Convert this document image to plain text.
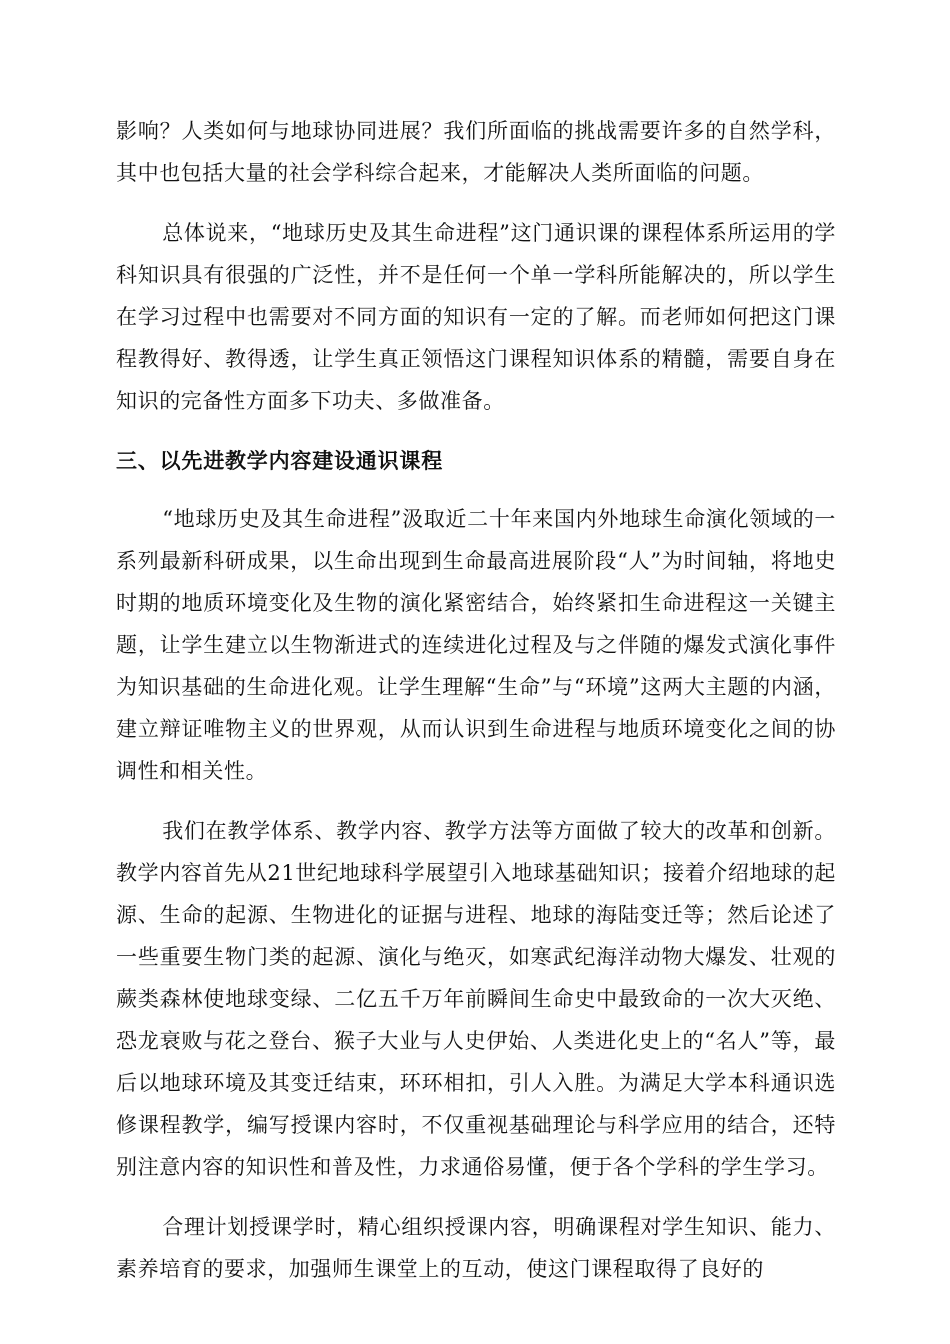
影响？人类如何与地球协同进展？我们所面临的挑战需要许多的自然学科，其中也包括大量的社会学科综合起来，才能解决人类所面临的问题。

总体说来，“地球历史及其生命进程”这门通识课的课程体系所运用的学科知识具有很强的广泛性，并不是任何一个单一学科所能解决的，所以学生在学习过程中也需要对不同方面的知识有一定的了解。而老师如何把这门课程教得好、教得透，让学生真正领悟这门课程知识体系的精髓，需要自身在知识的完备性方面多下功夫、多做准备。

三、以先进教学内容建设通识课程

“地球历史及其生命进程”汲取近二十年来国内外地球生命演化领域的一系列最新科研成果，以生命出现到生命最高进展阶段“人”为时间轴，将地史时期的地质环境变化及生物的演化紧密结合，始终紧扣生命进程这一关键主题，让学生建立以生物渐进式的连续进化过程及与之伴随的爆发式演化事件为知识基础的生命进化观。让学生理解“生命”与“环境”这两大主题的内涵，建立辩证唯物主义的世界观，从而认识到生命进程与地质环境变化之间的协调性和相关性。

我们在教学体系、教学内容、教学方法等方面做了较大的改革和创新。教学内容首先从21世纪地球科学展望引入地球基础知识；接着介绍地球的起源、生命的起源、生物进化的证据与进程、地球的海陆变迁等；然后论述了一些重要生物门类的起源、演化与绝灭，如寒武纪海洋动物大爆发、壮观的蕨类森林使地球变绿、二亿五千万年前瞬间生命史中最致命的一次大灭绝、恐龙衰败与花之登台、猴子大业与人史伊始、人类进化史上的“名人”等，最后以地球环境及其变迁结束，环环相扣，引人入胜。为满足大学本科通识选修课程教学，编写授课内容时，不仅重视基础理论与科学应用的结合，还特别注意内容的知识性和普及性，力求通俗易懂，便于各个学科的学生学习。

合理计划授课学时，精心组织授课内容，明确课程对学生知识、能力、素养培育的要求，加强师生课堂上的互动，使这门课程取得了良好的
